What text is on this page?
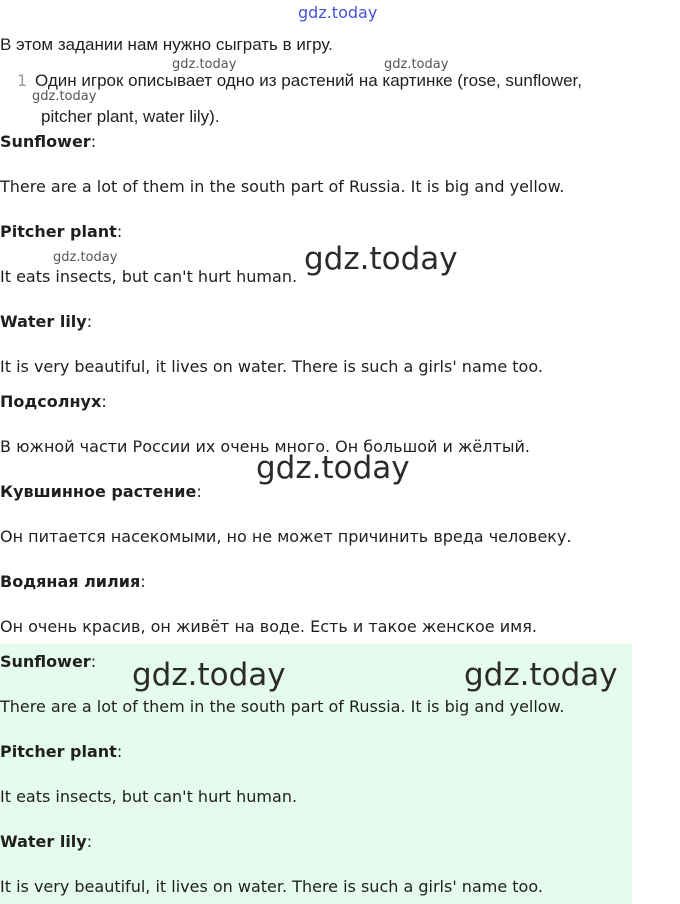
gdz.today
В этом задании нам нужно сыграть в игру.
gdz.today	gdz.today
1 Один игрок описывает одно из растений на картинке (rose, sunflower,
gdz.today
pitcher plant, water lily).
Sunflower:
There are a lot of them in the south part of Russia. It is big and yellow.
Pitcher plant:
gdz.today
It eats insects, but can't hurt human. gdz.today
Water lily:
It is very beautiful, it lives on water. There is such a girls' name too.
Подсолнух:
В южной части России их очень много. Он большой и жёлтый.
gdz.today
Кувшинное растение:
Он питается насекомыми, но не может причинить вреда человеку.
Водяная лилия:
Он очень красив, он живёт на воде. Есть и такое женское имя.
Sunflower: gdz.today	gdz.today
There are a lot of them in the south part of Russia. It is big and yellow.
Pitcher plant:
It eats insects, but can't hurt human.
Water lily:
It is very beautiful, it lives on water. There is such a girls' name too.
